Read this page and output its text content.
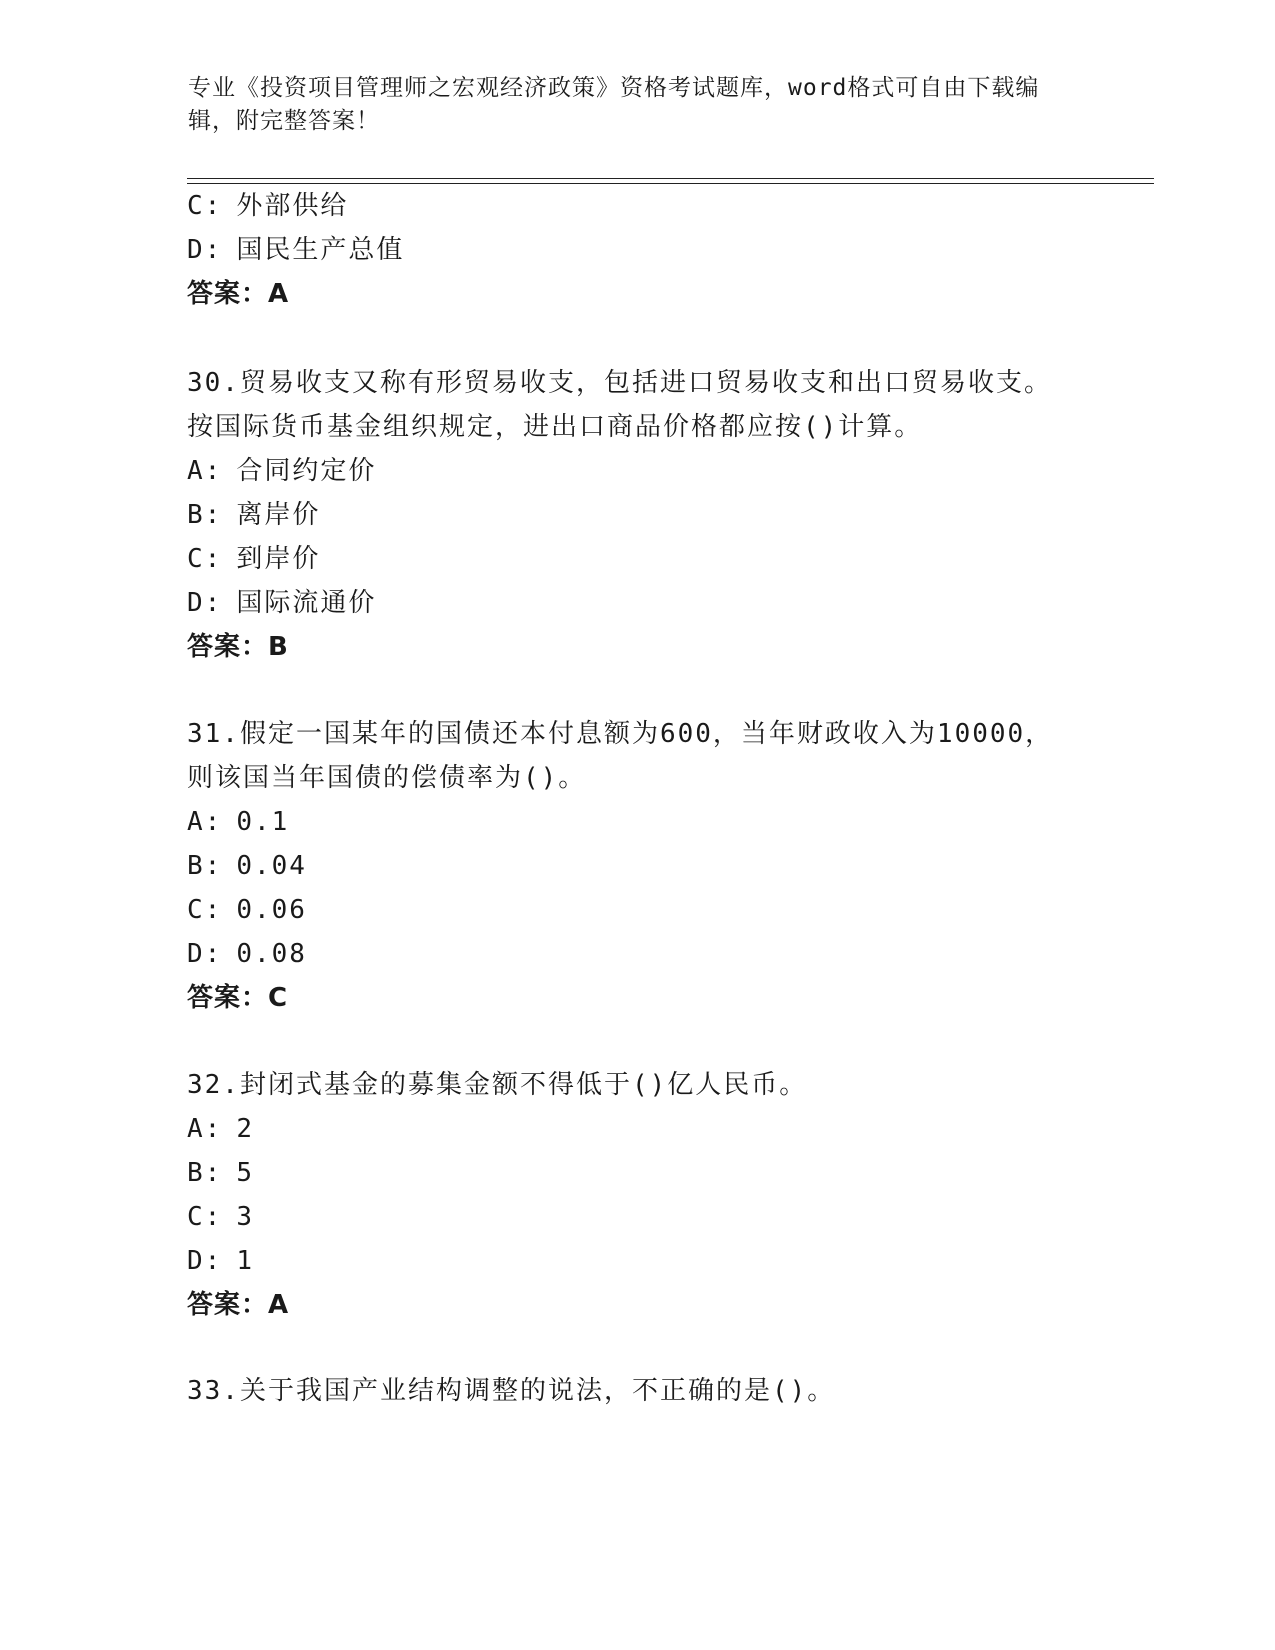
专业《投资项目管理师之宏观经济政策》资格考试题库，word格式可自由下载编
辑，附完整答案！
C: 外部供给
D: 国民生产总值
答案：A
30.贸易收支又称有形贸易收支，包括进口贸易收支和出口贸易收支。
按国际货币基金组织规定，进出口商品价格都应按()计算。
A: 合同约定价
B: 离岸价
C: 到岸价
D: 国际流通价
答案：B
31.假定一国某年的国债还本付息额为600，当年财政收入为10000，
则该国当年国债的偿债率为()。
A: 0.1
B: 0.04
C: 0.06
D: 0.08
答案：C
32.封闭式基金的募集金额不得低于()亿人民币。
A: 2
B: 5
C: 3
D: 1
答案：A
33.关于我国产业结构调整的说法，不正确的是()。
